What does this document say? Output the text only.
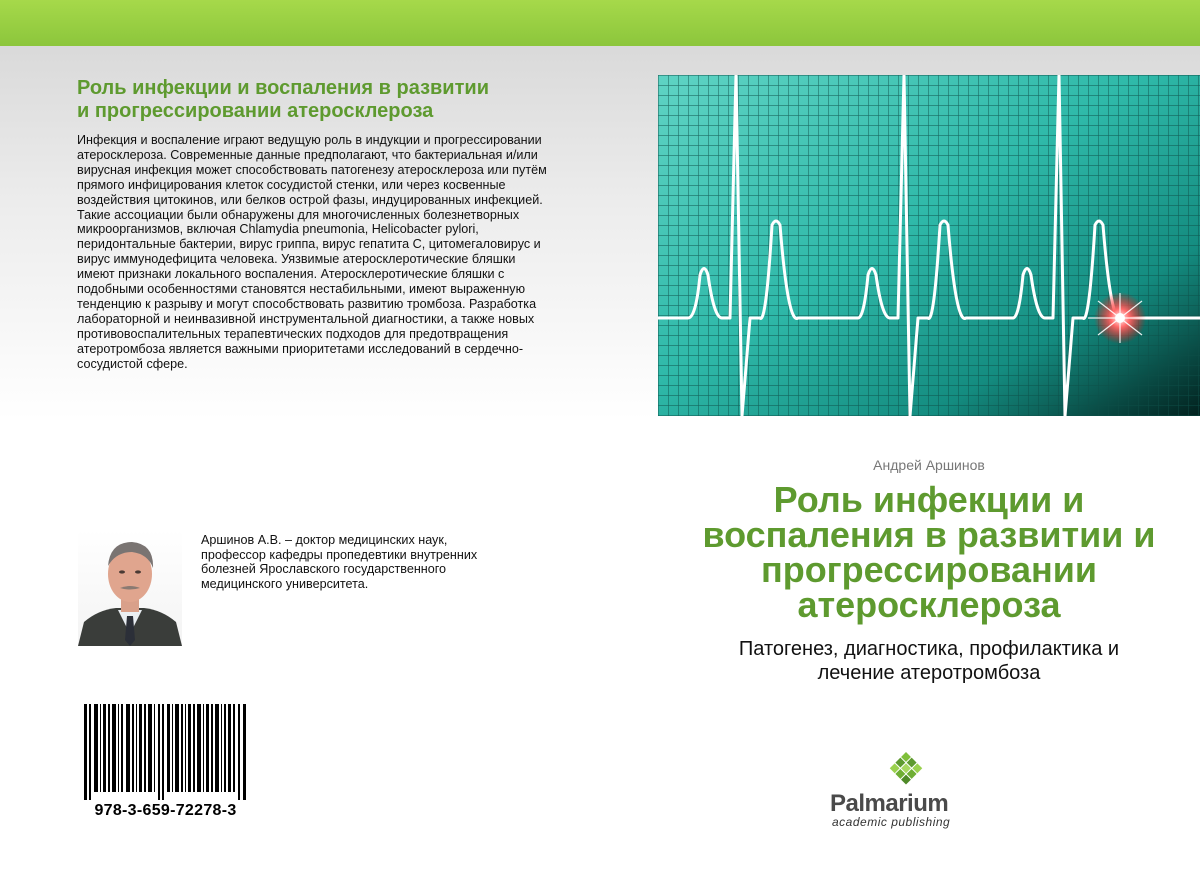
Роль инфекции и воспаления в развитии
и прогрессировании атеросклероза

Инфекция и воспаление играют ведущую роль в индукции и прогрессировании атеросклероза. Современные данные предполагают, что бактериальная и/или вирусная инфекция может способствовать патогенезу атеросклероза или путём прямого инфицирования клеток сосудистой стенки, или через косвенные воздействия цитокинов, или белков острой фазы, индуцированных инфекцией. Такие ассоциации были обнаружены для многочисленных болезнетворных микроорганизмов, включая Chlamydia pneumonia, Helicobacter pylori, перидонтальные бактерии, вирус гриппа, вирус гепатита С, цитомегаловирус и вирус иммунодефицита человека. Уязвимые атеросклеротические бляшки имеют признаки локального воспаления. Атеросклеротические бляшки с подобными особенностями становятся нестабильными, имеют выраженную тенденцию к разрыву и могут способствовать развитию тромбоза. Разработка лабораторной и неинвазивной инструментальной диагностики, а также новых противовоспалительных терапевтических подходов для предотвращения атеротромбоза является важными приоритетами исследований в сердечно-сосудистой сфере.

Аршинов А.В. – доктор медицинских наук, профессор кафедры пропедевтики внутренних болезней Ярославского государственного медицинского университета.

978-3-659-72278-3
Андрей Аршинов
Роль инфекции и
воспаления в развитии и
прогрессировании
атеросклероза
Патогенез, диагностика, профилактика и
лечение атеротромбоза
Palmarium
academic publishing
